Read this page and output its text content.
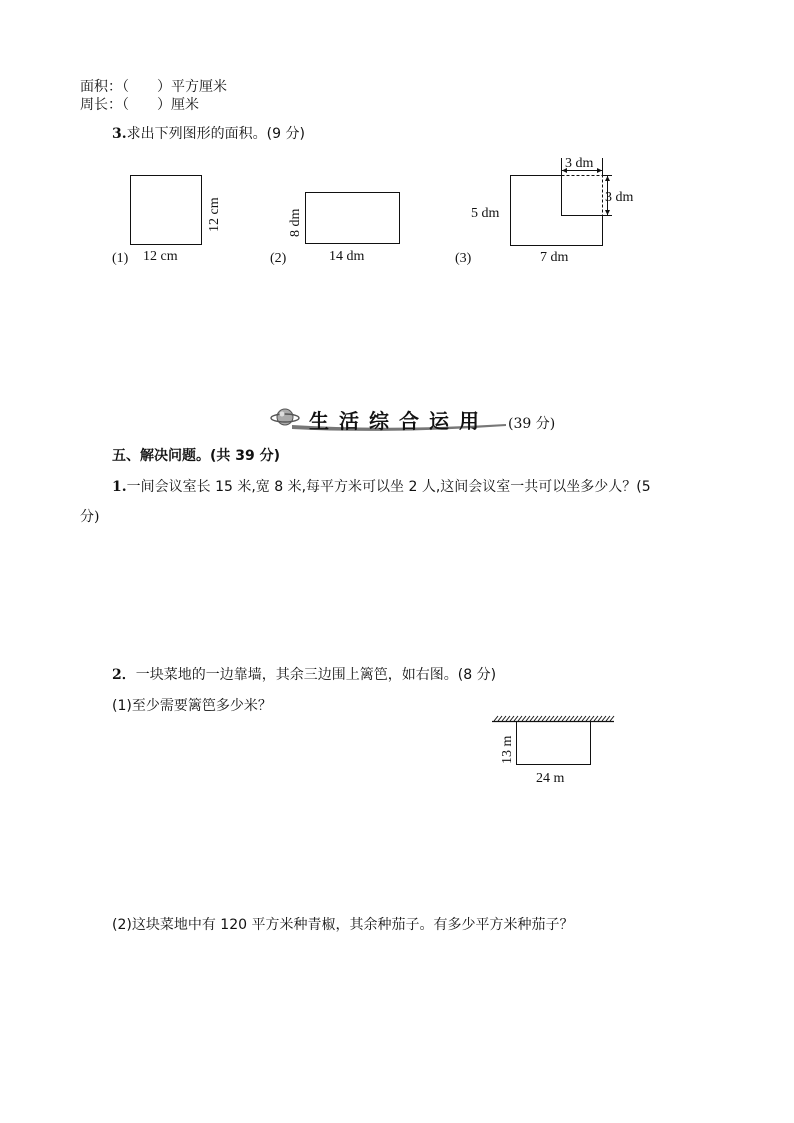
面积：（　　）平方厘米
周长：（　　）厘米
3.求出下列图形的面积。(9 分)
(1) 12 cm
12 cm
(2)	14 dm
8 dm
3 dm
3 dm
5 dm
7 dm
(3)
生活综合运用 (39 分)
五、解决问题。(共 39 分)
1.一间会议室长 15 米,宽 8 米,每平方米可以坐 2 人,这间会议室一共可以坐多少人？(5
分)
2．一块菜地的一边靠墙，其余三边围上篱笆，如右图。(8 分)
(1)至少需要篱笆多少米？
13 m
24 m
(2)这块菜地中有 120 平方米种青椒，其余种茄子。有多少平方米种茄子？
